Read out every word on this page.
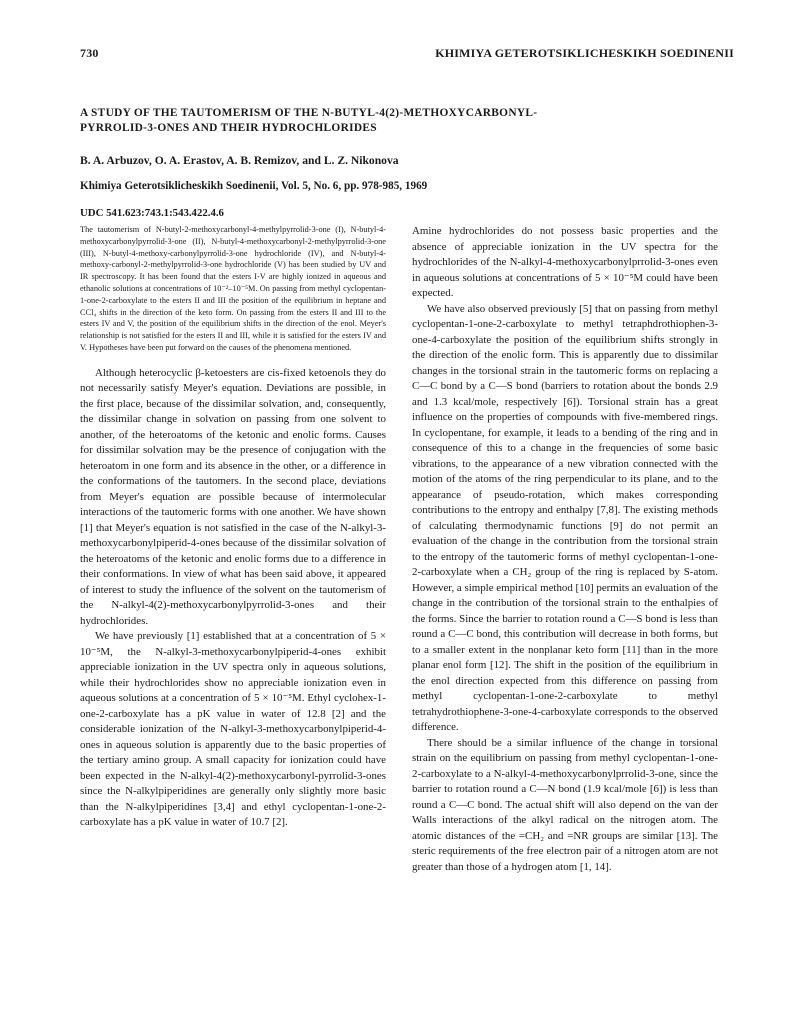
730	KHIMIYA GETEROTSIKLICHESKIKH SOEDINENII
A STUDY OF THE TAUTOMERISM OF THE N-BUTYL-4(2)-METHOXYCARBONYL-
PYRROLID-3-ONES AND THEIR HYDROCHLORIDES
B. A. Arbuzov, O. A. Erastov, A. B. Remizov, and L. Z. Nikonova
Khimiya Geterotsiklicheskikh Soedinenii, Vol. 5, No. 6, pp. 978-985, 1969
UDC 541.623:743.1:543.422.4.6

The tautomerism of N-butyl-2-methoxycarbonyl-4-methylpyrrolid-3-one (I), N-butyl-4-methoxycarbonylpyrrolid-3-one (II), N-butyl-4-methoxycarbonyl-2-methylpyrrolid-3-one (III), N-butyl-4-methoxy-carbonylpyrrolid-3-one hydrochloride (IV), and N-butyl-4-methoxy-carbonyl-2-methylpyrrolid-3-one hydrochloride (V) has been studied by UV and IR spectroscopy. It has been found that the esters I-V are highly ionized in aqueous and ethanolic solutions at concentrations of 10⁻²–10⁻⁵M. On passing from methyl cyclopentan-1-one-2-carboxylate to the esters II and III the position of the equilibrium in heptane and CCl₄ shifts in the direction of the keto form. On passing from the esters II and III to the esters IV and V, the position of the equilibrium shifts in the direction of the enol. Meyer's relationship is not satisfied for the esters II and III, while it is satisfied for the esters IV and V. Hypotheses have been put forward on the causes of the phenomena mentioned.

Although heterocyclic β-ketoesters are cis-fixed ketoenols they do not necessarily satisfy Meyer's equation. Deviations are possible, in the first place, because of the dissimilar solvation, and, consequently, the dissimilar change in solvation on passing from one solvent to another, of the heteroatoms of the ketonic and enolic forms. Causes for dissimilar solvation may be the presence of conjugation with the heteroatom in one form and its absence in the other, or a difference in the conformations of the tautomers. In the second place, deviations from Meyer's equation are possible because of intermolecular interactions of the tautomeric forms with one another. We have shown [1] that Meyer's equation is not satisfied in the case of the N-alkyl-3-methoxycarbonylpiperid-4-ones because of the dissimilar solvation of the heteroatoms of the ketonic and enolic forms due to a difference in their conformations. In view of what has been said above, it appeared of interest to study the influence of the solvent on the tautomerism of the N-alkyl-4(2)-methoxycarbonylpyrrolid-3-ones and their hydrochlorides.

We have previously [1] established that at a concentration of 5 × 10⁻⁵M, the N-alkyl-3-methoxycarbonylpiperid-4-ones exhibit appreciable ionization in the UV spectra only in aqueous solutions, while their hydrochlorides show no appreciable ionization even in aqueous solutions at a concentration of 5 × 10⁻⁵M. Ethyl cyclohex-1-one-2-carboxylate has a pK value in water of 12.8 [2] and the considerable ionization of the N-alkyl-3-methoxycarbonylpiperid-4-ones in aqueous solution is apparently due to the basic properties of the tertiary amino group. A small capacity for ionization could have been expected in the N-alkyl-4(2)-methoxycarbonyl-pyrrolid-3-ones since the N-alkylpiperidines are generally only slightly more basic than the N-alkylpiperidines [3,4] and ethyl cyclopentan-1-one-2-carboxylate has a pK value in water of 10.7 [2].

Amine hydrochlorides do not possess basic properties and the absence of appreciable ionization in the UV spectra for the hydrochlorides of the N-alkyl-4-methoxycarbonylprrolid-3-ones even in aqueous solutions at concentrations of 5 × 10⁻⁵M could have been expected.

We have also observed previously [5] that on passing from methyl cyclopentan-1-one-2-carboxylate to methyl tetraphdrothiophen-3-one-4-carboxylate the position of the equilibrium shifts strongly in the direction of the enolic form. This is apparently due to dissimilar changes in the torsional strain in the tautomeric forms on replacing a C—C bond by a C—S bond (barriers to rotation about the bonds 2.9 and 1.3 kcal/mole, respectively [6]). Torsional strain has a great influence on the properties of compounds with five-membered rings. In cyclopentane, for example, it leads to a bending of the ring and in consequence of this to a change in the frequencies of some basic vibrations, to the appearance of a new vibration connected with the motion of the atoms of the ring perpendicular to its plane, and to the appearance of pseudo-rotation, which makes corresponding contributions to the entropy and enthalpy [7,8]. The existing methods of calculating thermodynamic functions [9] do not permit an evaluation of the change in the contribution from the torsional strain to the entropy of the tautomeric forms of methyl cyclopentan-1-one-2-carboxylate when a CH₂ group of the ring is replaced by S-atom. However, a simple empirical method [10] permits an evaluation of the change in the contribution of the torsional strain to the enthalpies of the forms. Since the barrier to rotation round a C—S bond is less than round a C—C bond, this contribution will decrease in both forms, but to a smaller extent in the nonplanar keto form [11] than in the more planar enol form [12]. The shift in the position of the equilibrium in the enol direction expected from this difference on passing from methyl cyclopentan-1-one-2-carboxylate to methyl tetrahydrothiophene-3-one-4-carboxylate corresponds to the observed difference.

There should be a similar influence of the change in torsional strain on the equilibrium on passing from methyl cyclopentan-1-one-2-carboxylate to a N-alkyl-4-methoxycarbonylprrolid-3-one, since the barrier to rotation round a C—N bond (1.9 kcal/mole [6]) is less than round a C—C bond. The actual shift will also depend on the van der Walls interactions of the alkyl radical on the nitrogen atom. The atomic distances of the =CH₂ and =NR groups are similar [13]. The steric requirements of the free electron pair of a nitrogen atom are not greater than those of a hydrogen atom [1, 14].
